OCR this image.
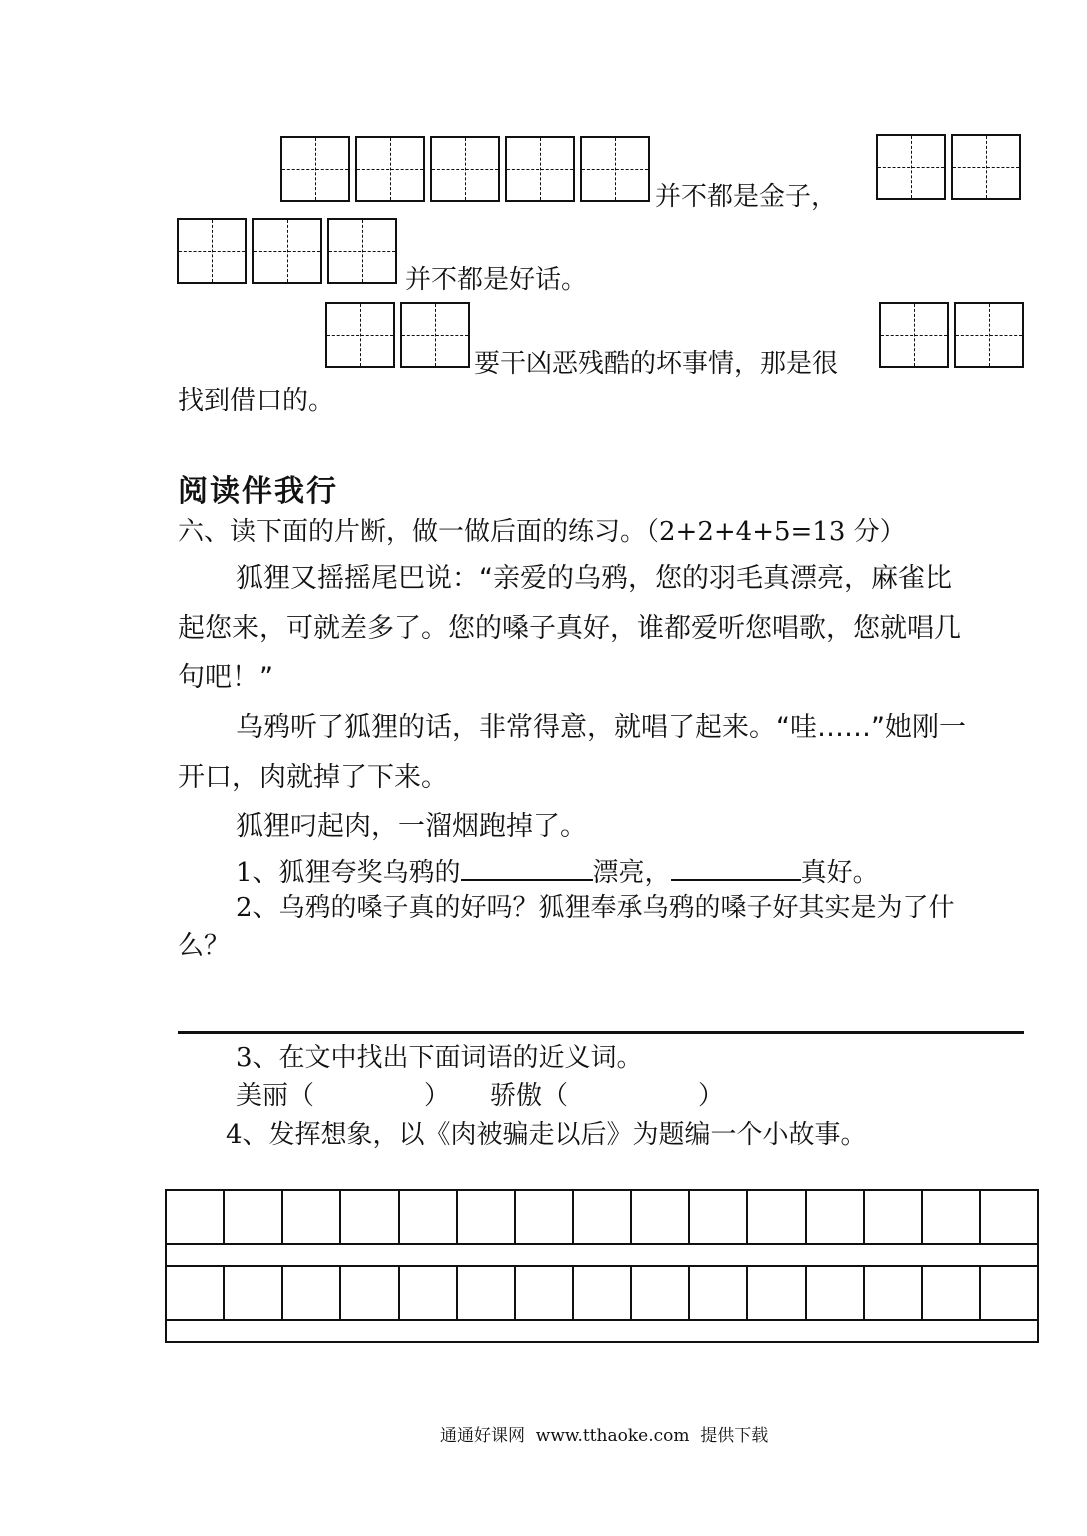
并不都是金子，
并不都是好话。
要干凶恶残酷的坏事情，那是很
找到借口的。
阅读伴我行
六、读下面的片断，做一做后面的练习。（2+2+4+5=13 分）
狐狸又摇摇尾巴说：“亲爱的乌鸦，您的羽毛真漂亮，麻雀比
起您来，可就差多了。您的嗓子真好，谁都爱听您唱歌，您就唱几
句吧！”
乌鸦听了狐狸的话，非常得意，就唱了起来。“哇……”她刚一
开口，肉就掉了下来。
狐狸叼起肉，一溜烟跑掉了。
1、狐狸夸奖乌鸦的	漂亮，	真好。
2、乌鸦的嗓子真的好吗？狐狸奉承乌鸦的嗓子好其实是为了什
么？
3、在文中找出下面词语的近义词。
美丽（	） 骄傲（	）
4、发挥想象，以《肉被骗走以后》为题编一个小故事。
通通好课网  www.tthaoke.com  提供下载
